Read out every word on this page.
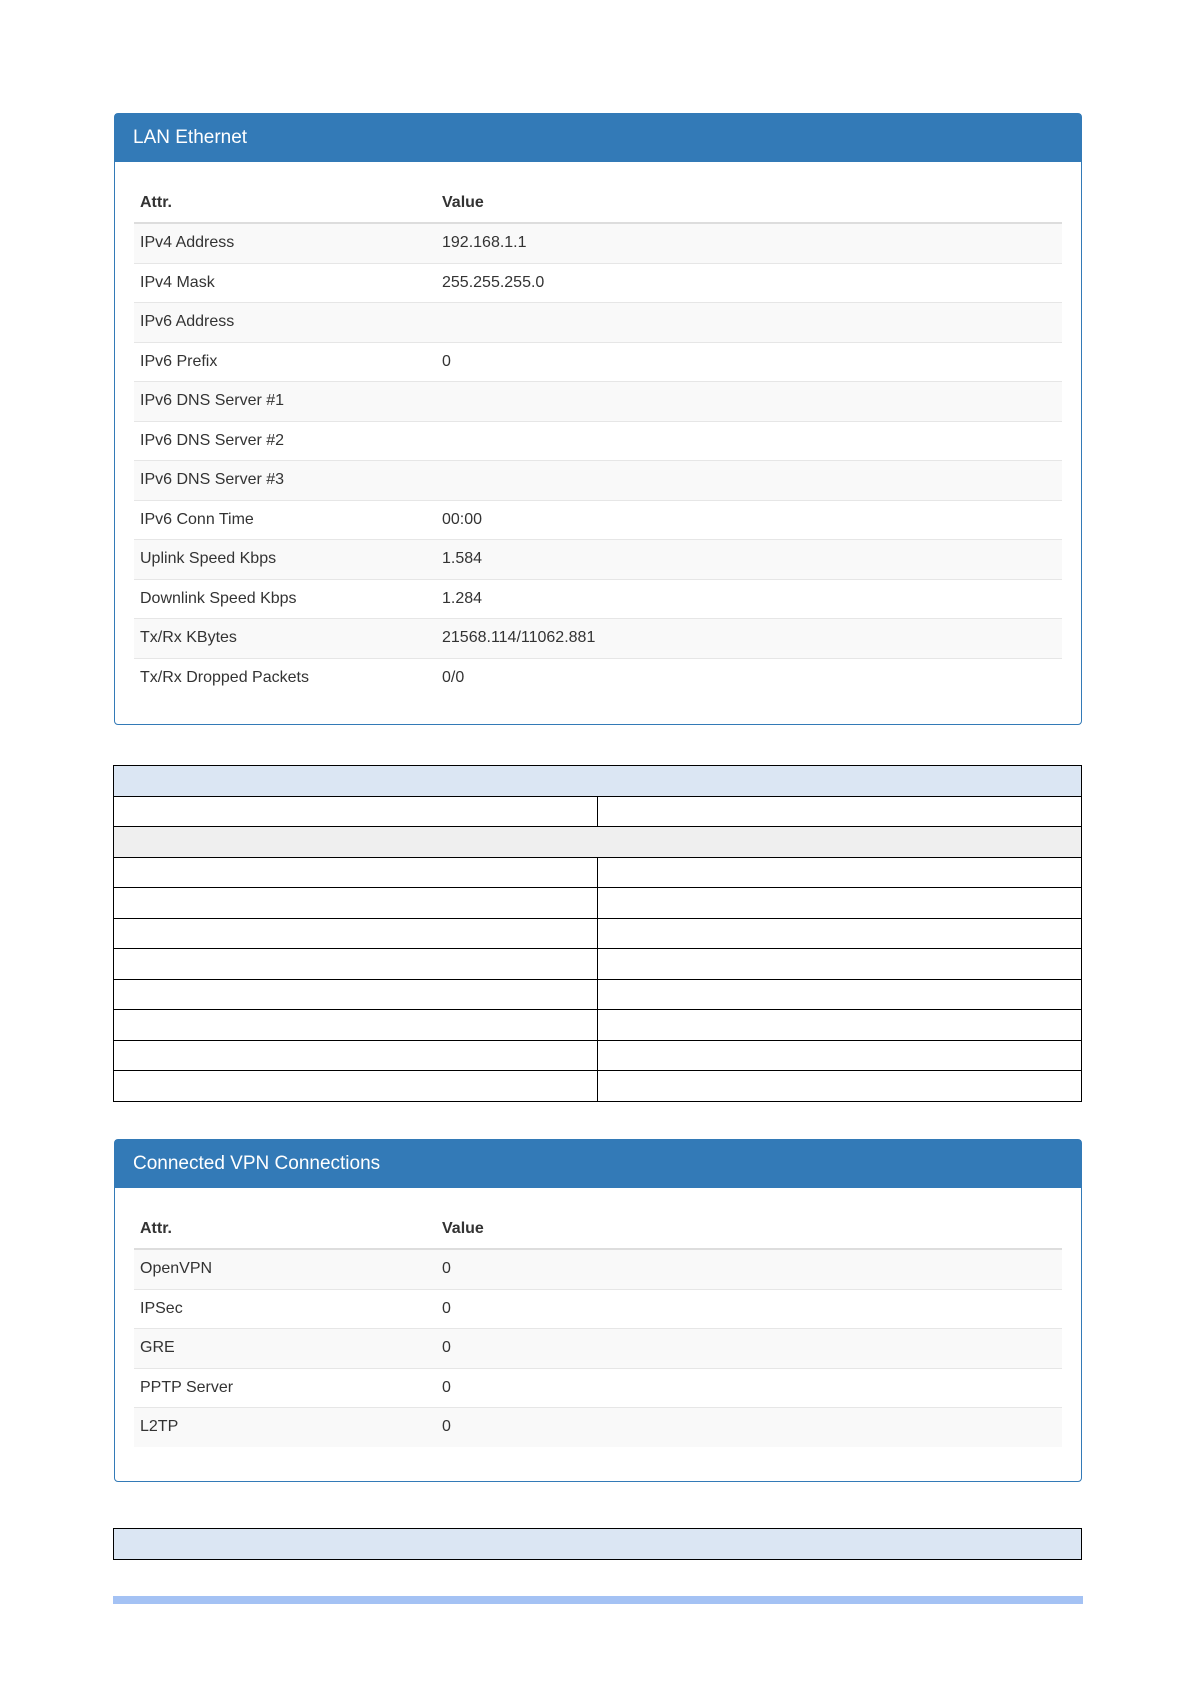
LAN Ethernet
Attr.	Value
IPv4 Address	192.168.1.1
IPv4 Mask	255.255.255.0
IPv6 Address
IPv6 Prefix	0
IPv6 DNS Server #1
IPv6 DNS Server #2
IPv6 DNS Server #3
IPv6 Conn Time	00:00
Uplink Speed Kbps	1.584
Downlink Speed Kbps	1.284
Tx/Rx KBytes	21568.114/11062.881
Tx/Rx Dropped Packets	0/0

Connected VPN Connections
Attr.	Value
OpenVPN	0
IPSec	0
GRE	0
PPTP Server	0
L2TP	0
